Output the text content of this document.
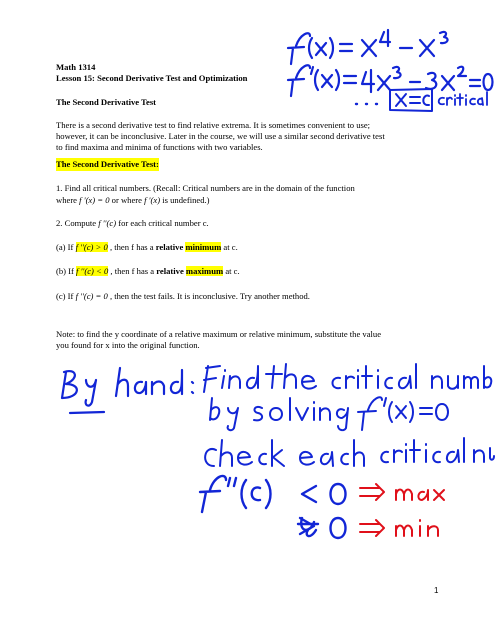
Math 1314
Lesson 15: Second Derivative Test and Optimization
The Second Derivative Test
There is a second derivative test to find relative extrema. It is sometimes convenient to use;
however, it can be inconclusive. Later in the course, we will use a similar second derivative test
to find maxima and minima of functions with two variables.
The Second Derivative Test:
1. Find all critical numbers. (Recall: Critical numbers are in the domain of the function
where f ′(x) = 0 or where f ′(x) is undefined.)
2. Compute f ′′(c) for each critical number c.
(a) If f ′′(c) > 0 , then f has a relative minimum at c.
(b) If f ′′(c) < 0 , then f has a relative maximum at c.
(c) If f ′′(c) = 0 , then the test fails. It is inconclusive. Try another method.
Note: to find the y coordinate of a relative maximum or relative minimum, substitute the value
you found for x into the original function.
1
